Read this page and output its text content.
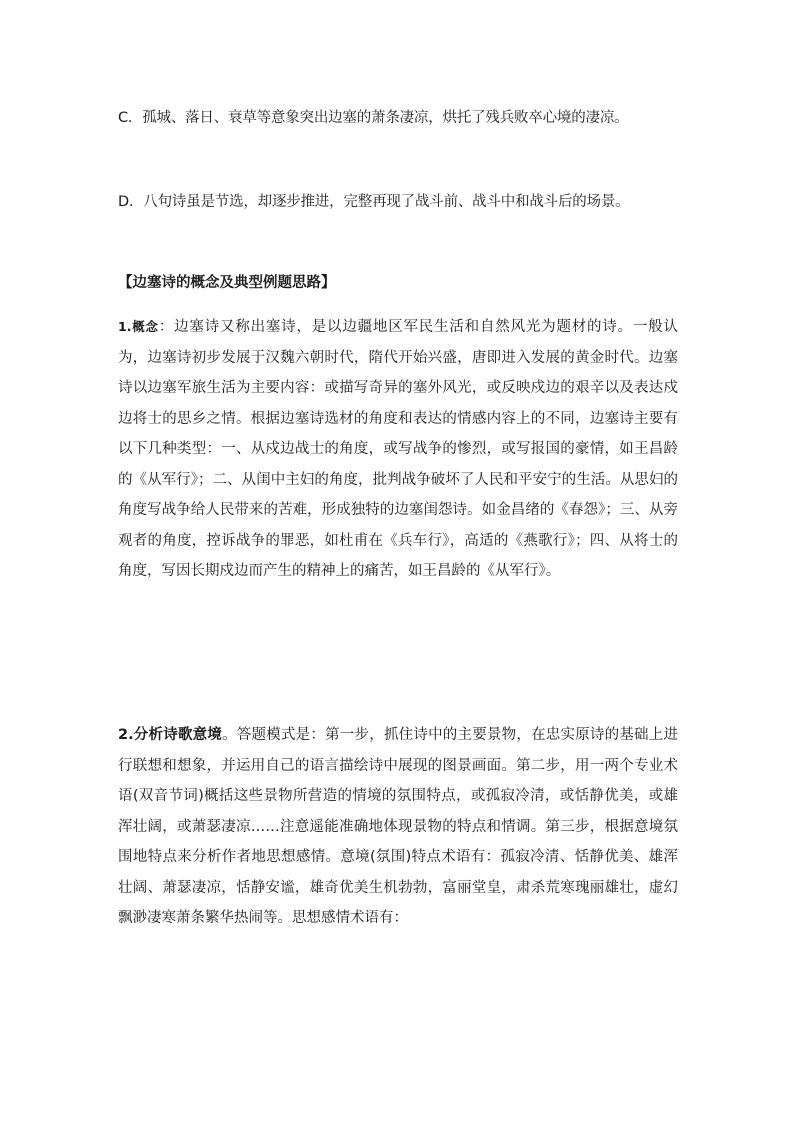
C．孤城、落日、衰草等意象突出边塞的萧条凄凉，烘托了残兵败卒心境的凄凉。
D．八句诗虽是节选，却逐步推进，完整再现了战斗前、战斗中和战斗后的场景。
【边塞诗的概念及典型例题思路】
1.概念：边塞诗又称出塞诗，是以边疆地区军民生活和自然风光为题材的诗。一般认为，边塞诗初步发展于汉魏六朝时代，隋代开始兴盛，唐即进入发展的黄金时代。边塞诗以边塞军旅生活为主要内容：或描写奇异的塞外风光，或反映戍边的艰辛以及表达戍边将士的思乡之情。根据边塞诗选材的角度和表达的情感内容上的不同，边塞诗主要有以下几种类型：一、从戍边战士的角度，或写战争的惨烈，或写报国的豪情，如王昌龄的《从军行》；二、从闺中主妇的角度，批判战争破坏了人民和平安宁的生活。从思妇的角度写战争给人民带来的苦难，形成独特的边塞闺怨诗。如金昌绪的《春怨》；三、从旁观者的角度，控诉战争的罪恶，如杜甫在《兵车行》，高适的《燕歌行》；四、从将士的角度，写因长期戍边而产生的精神上的痛苦，如王昌龄的《从军行》。
2.分析诗歌意境。答题模式是：第一步，抓住诗中的主要景物，在忠实原诗的基础上进行联想和想象，并运用自己的语言描绘诗中展现的图景画面。第二步，用一两个专业术语(双音节词)概括这些景物所营造的情境的氛围特点，或孤寂冷清，或恬静优美，或雄浑壮阔，或萧瑟凄凉……注意遥能准确地体现景物的特点和情调。第三步，根据意境氛围地特点来分析作者地思想感情。意境(氛围)特点术语有：孤寂冷清、恬静优美、雄浑壮阔、萧瑟凄凉，恬静安谧，雄奇优美生机勃勃，富丽堂皇，肃杀荒寒瑰丽雄壮，虚幻飘渺凄寒萧条繁华热闹等。思想感情术语有：
